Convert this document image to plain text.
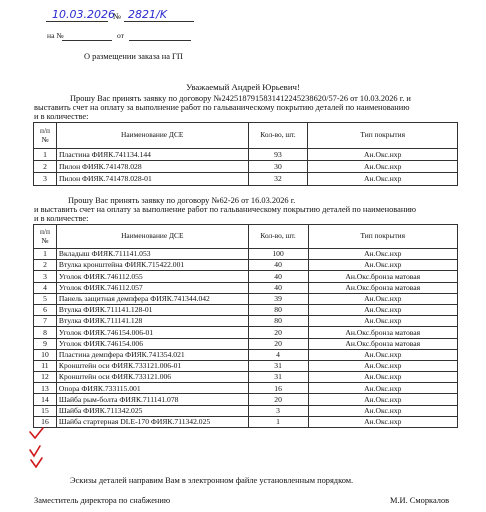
10.03.2026
№ 2821/K
на №	от
О размещении заказа на ГП
Уважаемый Андрей Юрьевич!
Прошу Вас принять заявку по договору №2425187915831412245238620/57-26 от 10.03.2026 г. и
выставить счет на оплату за выполнение работ по гальваническому покрытию деталей по наименованию
и в количестве:
п/п №	Наименование ДСЕ	Кол-во, шт.	Тип покрытия
1	Пластина ФИЯК.741134.144	93	Ан.Окс.нхр
2	Пилон ФИЯК.741478.028	30	Ан.Окс.нхр
3	Пилон ФИЯК.741478.028-01	32	Ан.Окс.нхр
Прошу Вас принять заявку по договору №62-26 от 16.03.2026 г.
и выставить счет на оплату за выполнение работ по гальваническому покрытию деталей по наименованию
и в количестве:
п/п №	Наименование ДСЕ	Кол-во, шт.	Тип покрытия
1	Вкладыш ФИЯК.711141.053	100	Ан.Окс.нхр
2	Втулка кронштейна ФИЯК.715422.001	40	Ан.Окс.нхр
3	Уголок ФИЯК.746112.055	40	Ан.Окс.бронза матовая
4	Уголок ФИЯК.746112.057	40	Ан.Окс.бронза матовая
5	Панель защитная демпфера ФИЯК.741344.042	39	Ан.Окс.нхр
6	Втулка ФИЯК.711141.128-01	80	Ан.Окс.нхр
7	Втулка ФИЯК.711141.128	80	Ан.Окс.нхр
8	Уголок ФИЯК.746154.006-01	20	Ан.Окс.бронза матовая
9	Уголок ФИЯК.746154.006	20	Ан.Окс.бронза матовая
10	Пластина демпфера ФИЯК.741354.021	4	Ан.Окс.нхр
11	Кронштейн оси ФИЯК.733121.006-01	31	Ан.Окс.нхр
12	Кронштейн оси ФИЯК.733121.006	31	Ан.Окс.нхр
13	Опора ФИЯК.733115.001	16	Ан.Окс.нхр
14	Шайба рым-болта ФИЯК.711141.078	20	Ан.Окс.нхр
15	Шайба ФИЯК.711342.025	3	Ан.Окс.нхр
16	Шайба стартерная DLE-170 ФИЯК.711342.025	1	Ан.Окс.нхр
Эскизы деталей направим Вам в электронном файле установленным порядком.
Заместитель директора по снабжению	М.И. Сморкалов
